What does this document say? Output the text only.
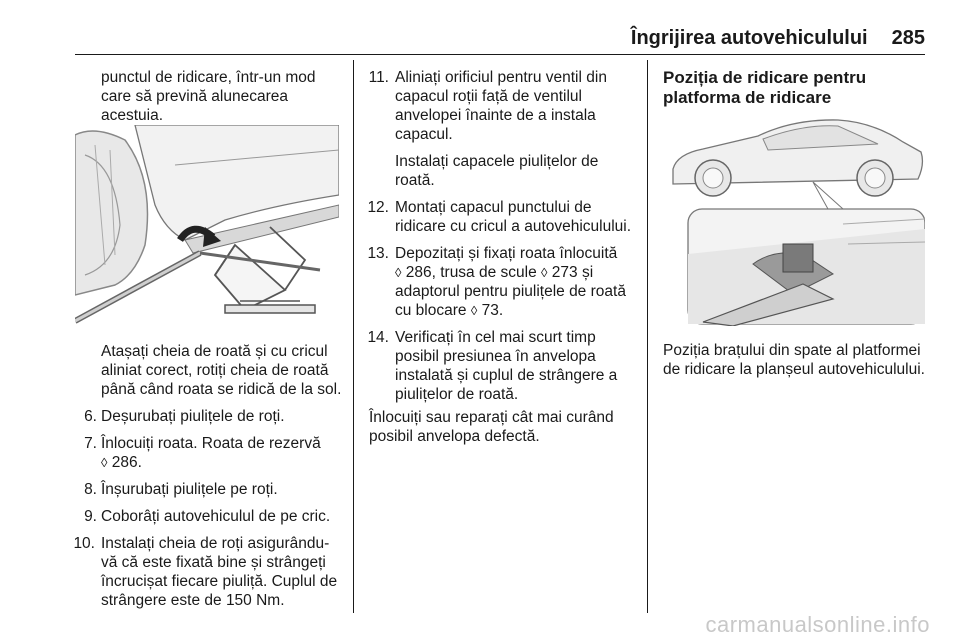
Îngrijirea autovehiculului 285
punctul de ridicare, într-un mod care să prevină alunecarea acestuia.
Atașați cheia de roată și cu cricul aliniat corect, rotiți cheia de roată până când roata se ridică de la sol.
6. Deșurubați piulițele de roți.
7. Înlocuiți roata. Roata de rezervă
◊ 286.
8. Înșurubați piulițele pe roți.
9. Coborâți autovehiculul de pe cric.
10. Instalați cheia de roți asigurându-vă că este fixată bine și strângeți încrucișat fiecare piuliță. Cuplul de strângere este de 150 Nm.
11. Aliniați orificiul pentru ventil din capacul roții față de ventilul anvelopei înainte de a instala capacul.
Instalați capacele piulițelor de roată.
12. Montați capacul punctului de ridicare cu cricul a autovehiculului.
13. Depozitați și fixați roata înlocuită
◊ 286, trusa de scule ◊ 273 și adaptorul pentru piulițele de roată cu blocare ◊ 73.
14. Verificați în cel mai scurt timp posibil presiunea în anvelopa instalată și cuplul de strângere a piulițelor de roată.
Înlocuiți sau reparați cât mai curând posibil anvelopa defectă.
Poziția de ridicare pentru platforma de ridicare
Poziția brațului din spate al platformei de ridicare la planșeul autovehiculului.
carmanualsonline.info
